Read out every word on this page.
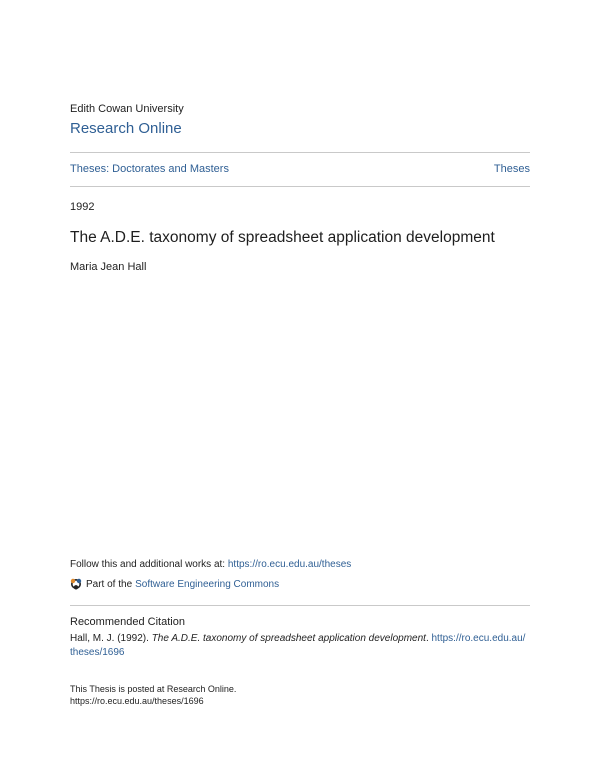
Edith Cowan University
Research Online
Theses: Doctorates and Masters	Theses
1992
The A.D.E. taxonomy of spreadsheet application development
Maria Jean Hall
Follow this and additional works at: https://ro.ecu.edu.au/theses
Part of the Software Engineering Commons
Recommended Citation
Hall, M. J. (1992). The A.D.E. taxonomy of spreadsheet application development. https://ro.ecu.edu.au/
theses/1696
This Thesis is posted at Research Online.
https://ro.ecu.edu.au/theses/1696
